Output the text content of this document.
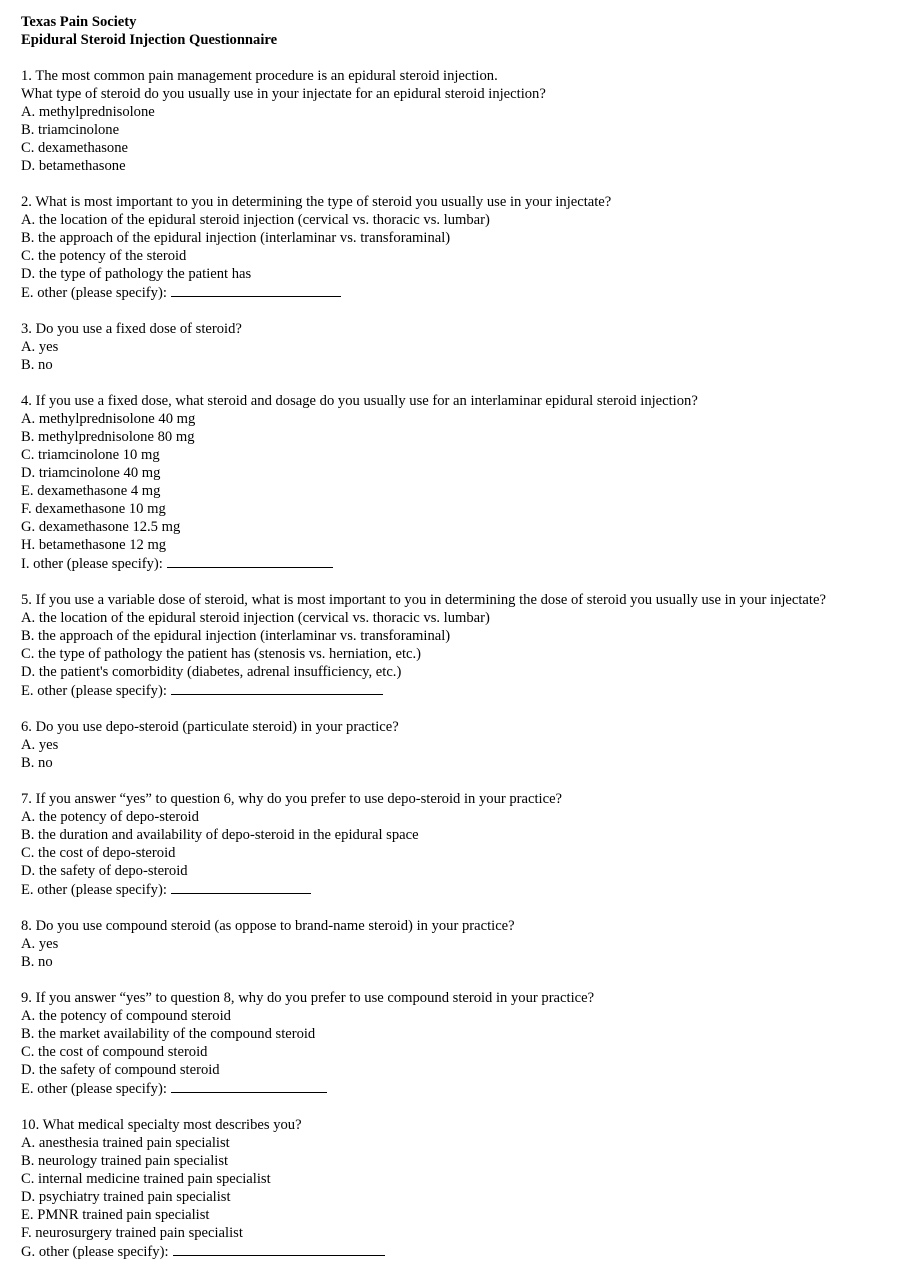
Texas Pain Society
Epidural Steroid Injection Questionnaire
1. The most common pain management procedure is an epidural steroid injection.
What type of steroid do you usually use in your injectate for an epidural steroid injection?
A. methylprednisolone
B. triamcinolone
C. dexamethasone
D. betamethasone
2. What is most important to you in determining the type of steroid you usually use in your injectate?
A. the location of the epidural steroid injection (cervical vs. thoracic vs. lumbar)
B. the approach of the epidural injection (interlaminar vs. transforaminal)
C. the potency of the steroid
D. the type of pathology the patient has
E. other (please specify):
3. Do you use a fixed dose of steroid?
A. yes
B. no
4. If you use a fixed dose, what steroid and dosage do you usually use for an interlaminar epidural steroid injection?
A. methylprednisolone 40 mg
B. methylprednisolone 80 mg
C. triamcinolone 10 mg
D. triamcinolone 40 mg
E. dexamethasone 4 mg
F. dexamethasone 10 mg
G. dexamethasone 12.5 mg
H. betamethasone 12 mg
I. other (please specify):
5. If you use a variable dose of steroid, what is most important to you in determining the dose of steroid you usually use in your injectate?
A. the location of the epidural steroid injection (cervical vs. thoracic vs. lumbar)
B. the approach of the epidural injection (interlaminar vs. transforaminal)
C. the type of pathology the patient has (stenosis vs. herniation, etc.)
D. the patient's comorbidity (diabetes, adrenal insufficiency, etc.)
E. other (please specify):
6. Do you use depo-steroid (particulate steroid) in your practice?
A. yes
B. no
7. If you answer “yes” to question 6, why do you prefer to use depo-steroid in your practice?
A. the potency of depo-steroid
B. the duration and availability of depo-steroid in the epidural space
C. the cost of depo-steroid
D. the safety of depo-steroid
E. other (please specify):
8. Do you use compound steroid (as oppose to brand-name steroid) in your practice?
A. yes
B. no
9. If you answer “yes” to question 8, why do you prefer to use compound steroid in your practice?
A. the potency of compound steroid
B. the market availability of the compound steroid
C. the cost of compound steroid
D. the safety of compound steroid
E. other (please specify):
10. What medical specialty most describes you?
A. anesthesia trained pain specialist
B. neurology trained pain specialist
C. internal medicine trained pain specialist
D. psychiatry trained pain specialist
E. PMNR trained pain specialist
F. neurosurgery trained pain specialist
G. other (please specify):
